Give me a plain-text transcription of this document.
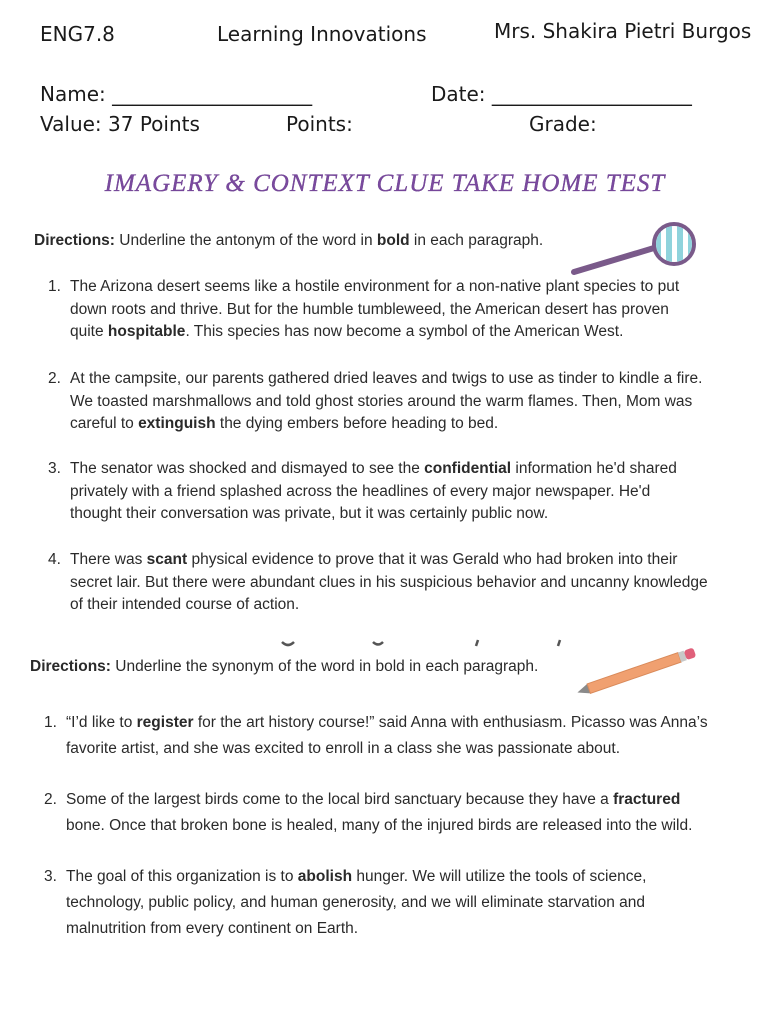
ENG7.8	Learning Innovations	Mrs. Shakira Pietri Burgos
Name: ____________________	Date: ____________________
Value: 37 Points	Points:	Grade:
IMAGERY & CONTEXT CLUE TAKE HOME TEST
Directions: Underline the antonym of the word in bold in each paragraph.
1. The Arizona desert seems like a hostile environment for a non-native plant species to put
down roots and thrive. But for the humble tumbleweed, the American desert has proven
quite hospitable. This species has now become a symbol of the American West.
2. At the campsite, our parents gathered dried leaves and twigs to use as tinder to kindle a fire.
We toasted marshmallows and told ghost stories around the warm flames. Then, Mom was
careful to extinguish the dying embers before heading to bed.
3. The senator was shocked and dismayed to see the confidential information he'd shared
privately with a friend splashed across the headlines of every major newspaper. He'd
thought their conversation was private, but it was certainly public now.
4. There was scant physical evidence to prove that it was Gerald who had broken into their
secret lair. But there were abundant clues in his suspicious behavior and uncanny knowledge
of their intended course of action.
Directions: Underline the synonym of the word in bold in each paragraph.
1. “I’d like to register for the art history course!” said Anna with enthusiasm. Picasso was Anna’s
favorite artist, and she was excited to enroll in a class she was passionate about.
2. Some of the largest birds come to the local bird sanctuary because they have a fractured
bone. Once that broken bone is healed, many of the injured birds are released into the wild.
3. The goal of this organization is to abolish hunger. We will utilize the tools of science,
technology, public policy, and human generosity, and we will eliminate starvation and
malnutrition from every continent on Earth.
